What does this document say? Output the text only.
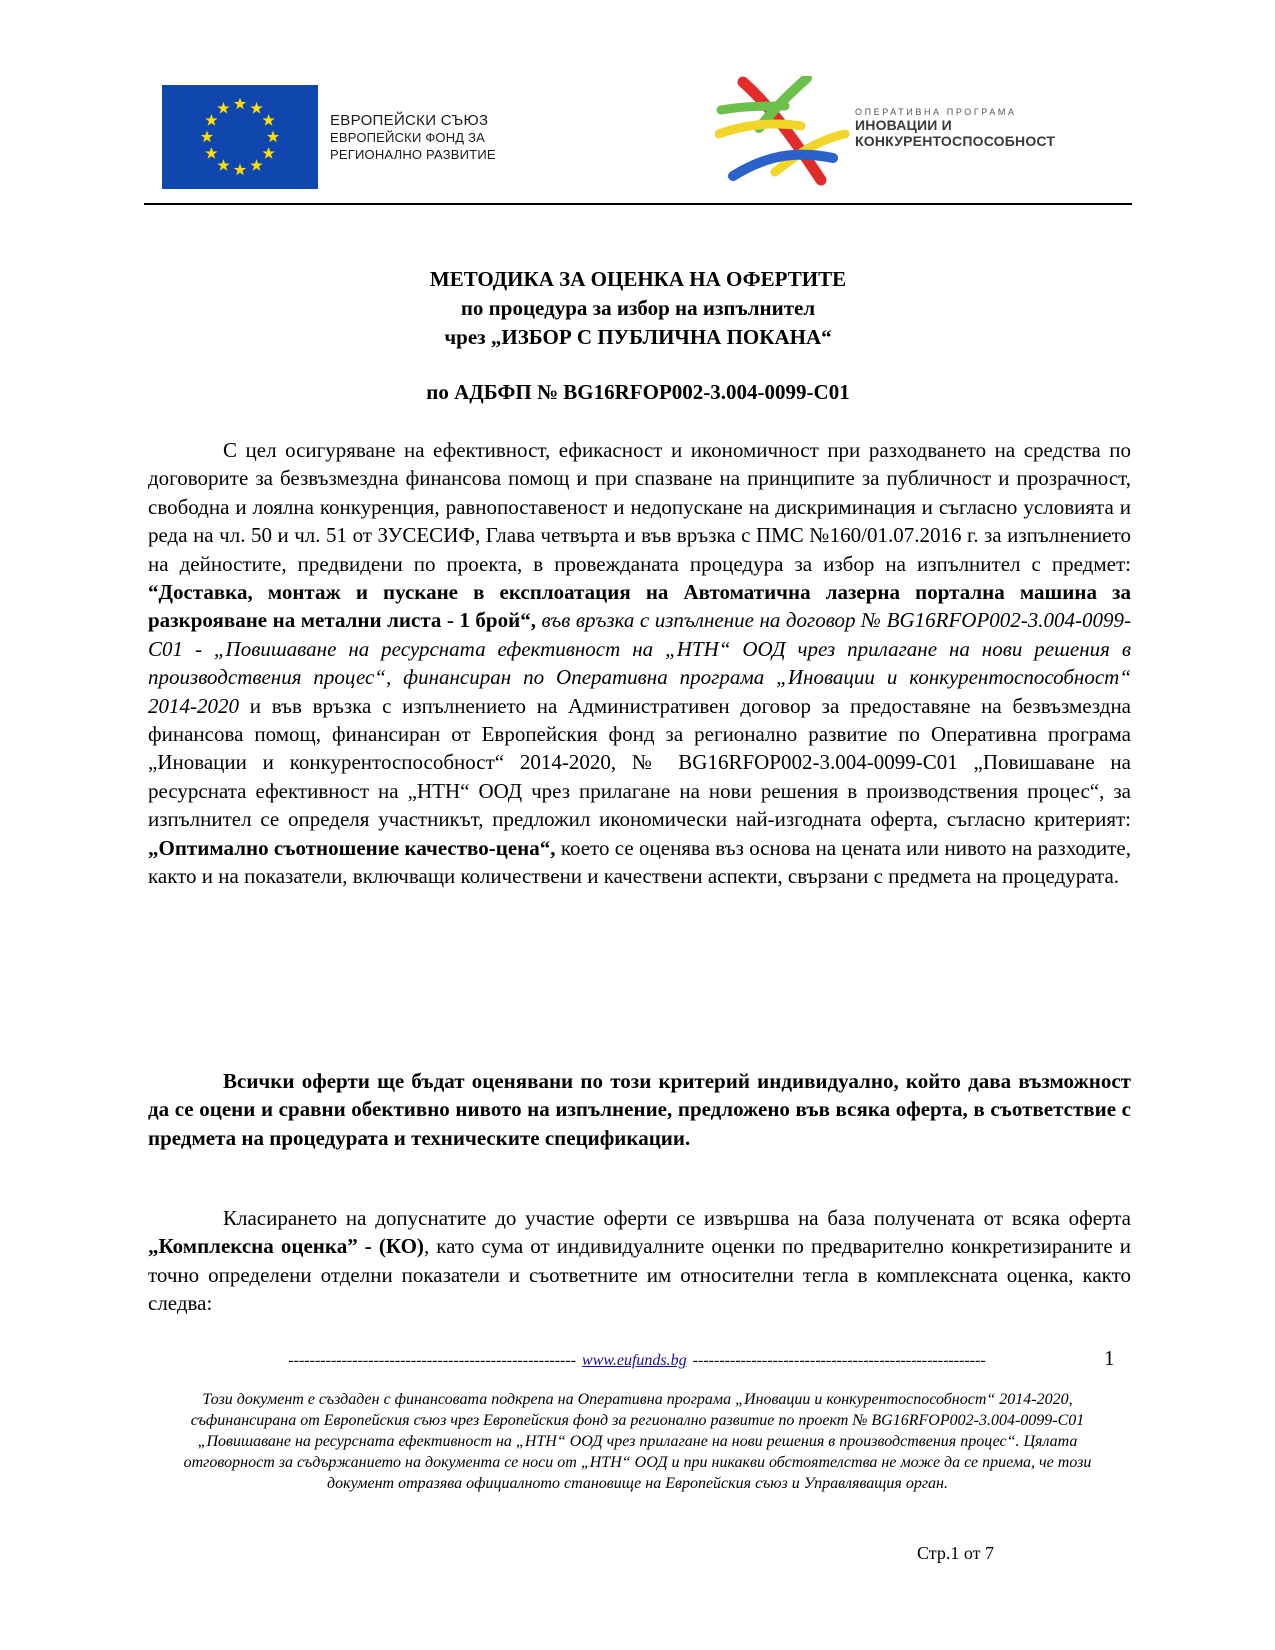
ЕВРОПЕЙСКИ СЪЮЗ
ЕВРОПЕЙСКИ ФОНД ЗА
РЕГИОНАЛНО РАЗВИТИЕ
ОПЕРАТИВНА ПРОГРАМА
ИНОВАЦИИ И
КОНКУРЕНТОСПОСОБНОСТ
МЕТОДИКА ЗА ОЦЕНКА НА ОФЕРТИТЕ
по процедура за избор на изпълнител
чрез „ИЗБОР С ПУБЛИЧНА ПОКАНА“
по АДБФП № BG16RFOP002-3.004-0099-C01
С цел осигуряване на ефективност, ефикасност и икономичност при разходването на средства по договорите за безвъзмездна финансова помощ и при спазване на принципите за публичност и прозрачност, свободна и лоялна конкуренция, равнопоставеност и недопускане на дискриминация и съгласно условията и реда на чл. 50 и чл. 51 от ЗУСЕСИФ, Глава четвърта и във връзка с ПМС №160/01.07.2016 г. за изпълнението на дейностите, предвидени по проекта, в провежданата процедура за избор на изпълнител с предмет: “Доставка, монтаж и пускане в експлоатация на Автоматична лазерна портална машина за разкрояване на метални листа - 1 брой“, във връзка с изпълнение на договор № BG16RFOP002-3.004-0099-C01 - „Повишаване на ресурсната ефективност на „НТН“ ООД чрез прилагане на нови решения в производствения процес“, финансиран по Оперативна програма „Иновации и конкурентоспособност“ 2014-2020 и във връзка с изпълнението на Административен договор за предоставяне на безвъзмездна финансова помощ, финансиран от Европейския фонд за регионално развитие по Оперативна програма „Иновации и конкурентоспособност“ 2014-2020, № BG16RFOP002-3.004-0099-C01 „Повишаване на ресурсната ефективност на „НТН“ ООД чрез прилагане на нови решения в производствения процес“, за изпълнител се определя участникът, предложил икономически най-изгодната оферта, съгласно критерият: „Оптимално съотношение качество-цена“, което се оценява въз основа на цената или нивото на разходите, както и на показатели, включващи количествени и качествени аспекти, свързани с предмета на процедурата.
Всички оферти ще бъдат оценявани по този критерий индивидуално, който дава възможност да се оцени и сравни обективно нивото на изпълнение, предложено във всяка оферта, в съответствие с предмета на процедурата и техническите спецификации.
Класирането на допуснатите до участие оферти се извършва на база получената от всяка оферта „Комплексна оценка” - (КО), като сума от индивидуалните оценки по предварително конкретизираните и точно определени отделни показатели и съответните им относителни тегла в комплексната оценка, както следва:
------------------------------------------------------ www.eufunds.bg -------------------------------------------------------	1
Този документ е създаден с финансовата подкрепа на Оперативна програма „Иновации и конкурентоспособност“ 2014-2020, съфинансирана от Европейския съюз чрез Европейския фонд за регионално развитие по проект № BG16RFOP002-3.004-0099-C01 „Повишаване на ресурсната ефективност на „НТН“ ООД чрез прилагане на нови решения в производствения процес“. Цялата отговорност за съдържанието на документа се носи от „НТН“ ООД и при никакви обстоятелства не може да се приема, че този документ отразява официалното становище на Европейския съюз и Управляващия орган.
Стр.1 от 7
